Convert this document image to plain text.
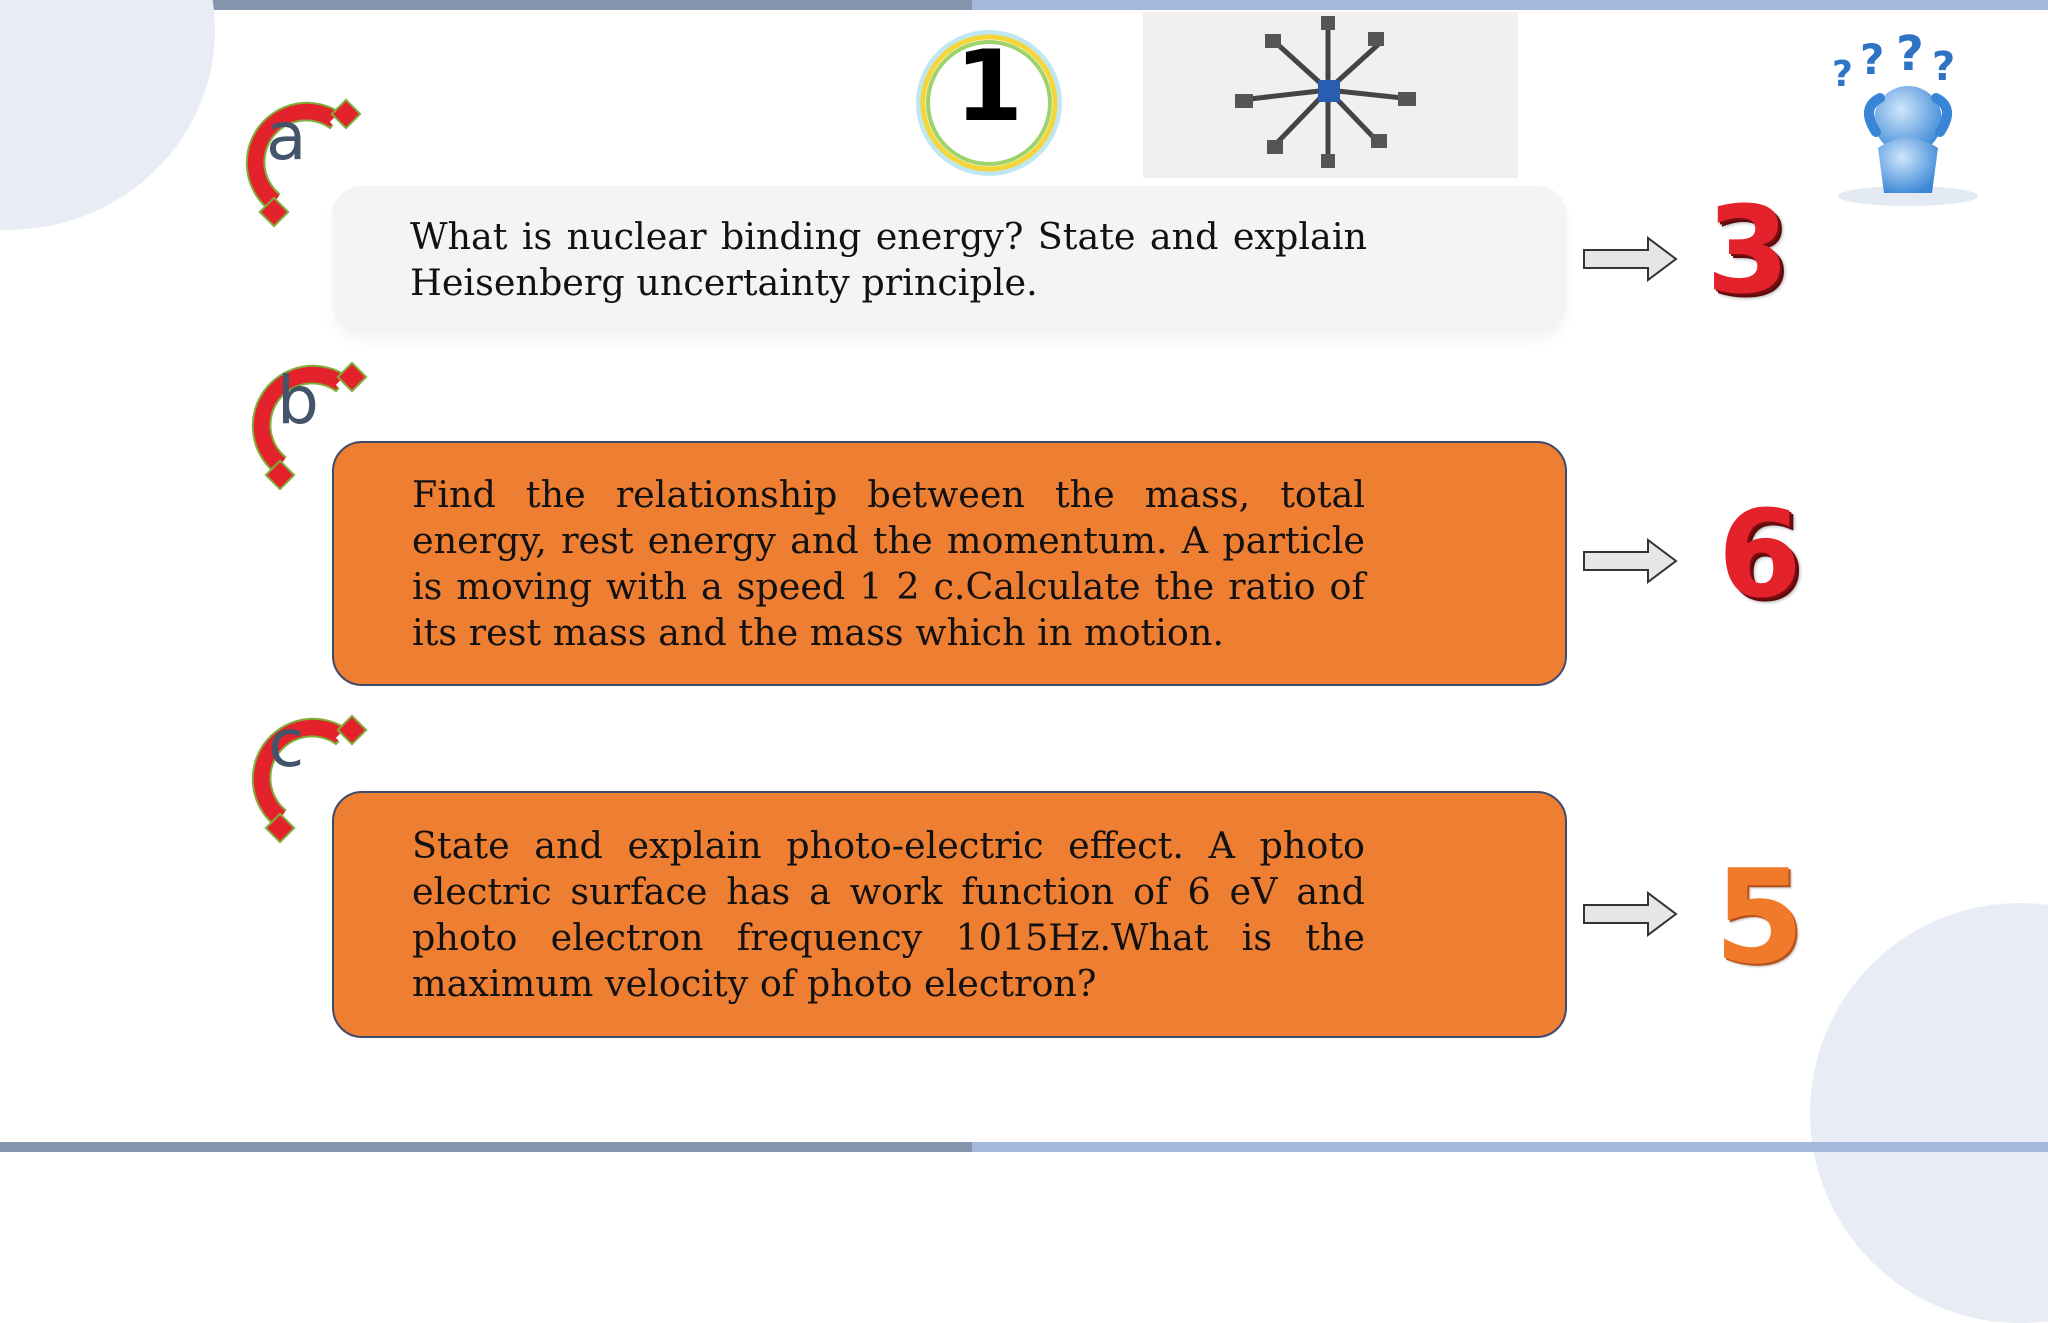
1	? ? ? ?
a
What is nuclear binding energy? State and explain Heisenberg uncertainty principle.	3
b
Find the relationship between the mass, total energy, rest energy and the momentum. A particle is moving with a speed 1 2 c.Calculate the ratio of its rest mass and the mass which in motion.
6
c
State and explain photo-electric effect. A photo electric surface has a work function of 6 eV and photo electron frequency 1015Hz.What is the maximum velocity of photo electron?	5
